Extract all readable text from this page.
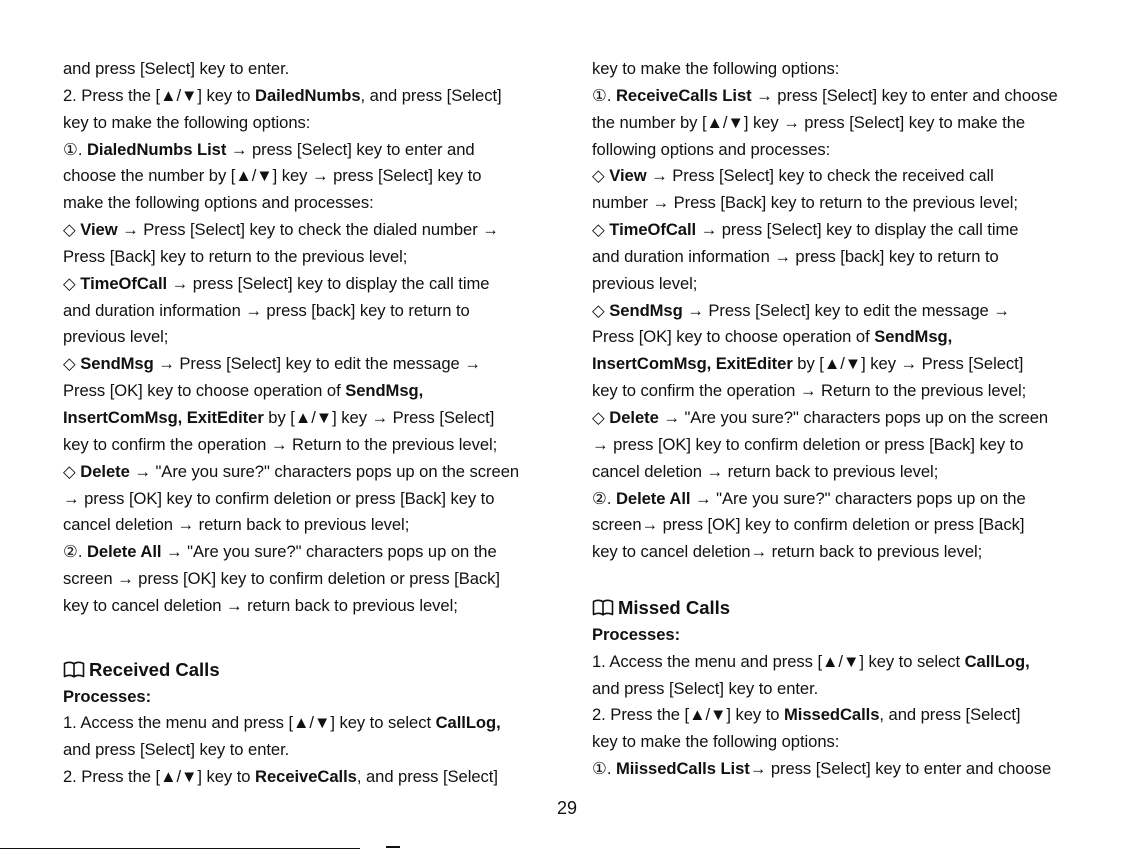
and press [Select] key to enter.
2. Press the [▲/▼] key to DailedNumbs, and press [Select]
key to make the following options:
①. DialedNumbs List → press [Select] key to enter and
choose the number by [▲/▼] key → press [Select] key to
make the following options and processes:
◇ View → Press [Select] key to check the dialed number →
Press [Back] key to return to the previous level;
◇ TimeOfCall → press [Select] key to display the call time
and duration information → press [back] key to return to
previous level;
◇ SendMsg → Press [Select] key to edit the message →
Press [OK] key to choose operation of SendMsg,
InsertComMsg, ExitEditer by [▲/▼] key → Press [Select]
key to confirm the operation → Return to the previous level;
◇ Delete → "Are you sure?" characters pops up on the screen
→ press [OK] key to confirm deletion or press [Back] key to
cancel deletion → return back to previous level;
②. Delete All → "Are you sure?" characters pops up on the
screen → press [OK] key to confirm deletion or press [Back]
key to cancel deletion → return back to previous level;
Received Calls
Processes:
1. Access the menu and press [▲/▼] key to select CallLog,
and press [Select] key to enter.
2. Press the [▲/▼] key to ReceiveCalls, and press [Select]
key to make the following options:
①. ReceiveCalls List → press [Select] key to enter and choose
the number by [▲/▼] key → press [Select] key to make the
following options and processes:
◇ View → Press [Select] key to check the received call
number → Press [Back] key to return to the previous level;
◇ TimeOfCall → press [Select] key to display the call time
and duration information → press [back] key to return to
previous level;
◇ SendMsg → Press [Select] key to edit the message →
Press [OK] key to choose operation of SendMsg,
InsertComMsg, ExitEditer by [▲/▼] key → Press [Select]
key to confirm the operation → Return to the previous level;
◇ Delete → "Are you sure?" characters pops up on the screen
→ press [OK] key to confirm deletion or press [Back] key to
cancel deletion → return back to previous level;
②. Delete All → "Are you sure?" characters pops up on the
screen→ press [OK] key to confirm deletion or press [Back]
key to cancel deletion→ return back to previous level;
Missed Calls
Processes:
1. Access the menu and press [▲/▼] key to select CallLog,
and press [Select] key to enter.
2. Press the [▲/▼] key to MissedCalls, and press [Select]
key to make the following options:
①. MiissedCalls List→ press [Select] key to enter and choose
29
